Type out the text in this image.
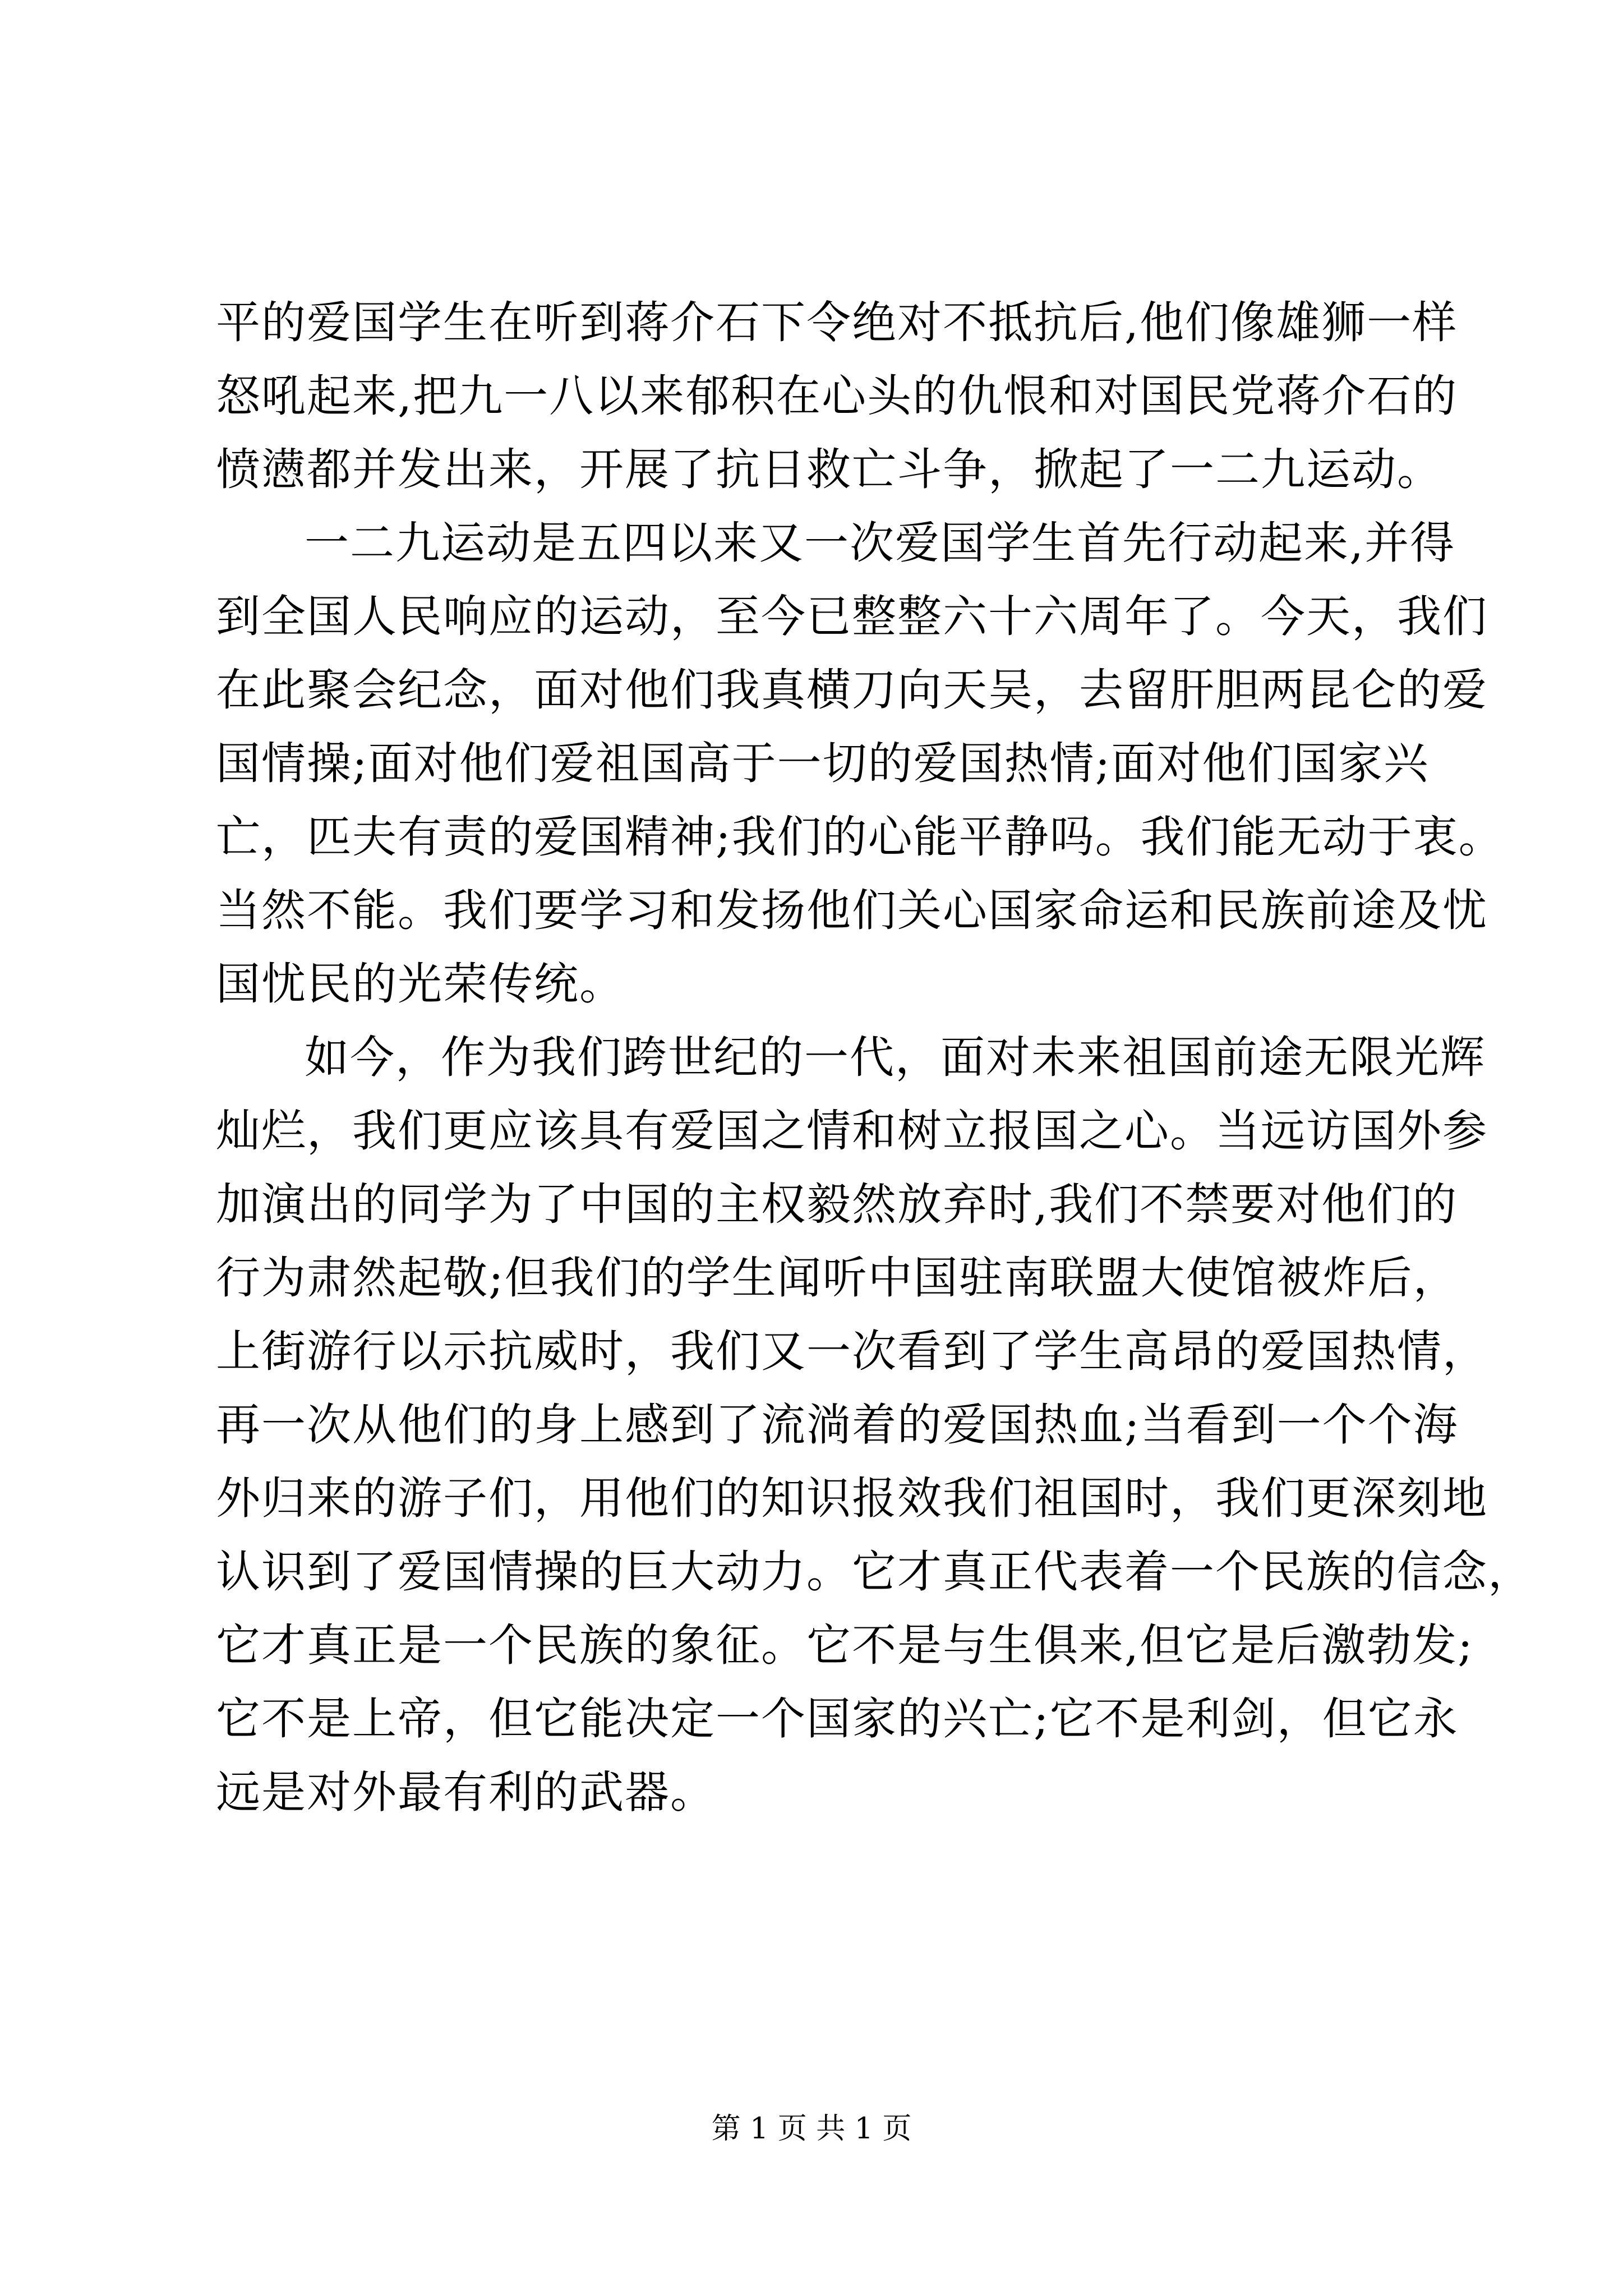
平的爱国学生在听到蒋介石下令绝对不抵抗后,他们像雄狮一样
怒吼起来,把九一八以来郁积在心头的仇恨和对国民党蒋介石的
愤懑都并发出来，开展了抗日救亡斗争，掀起了一二九运动。
一二九运动是五四以来又一次爱国学生首先行动起来,并得
到全国人民响应的运动，至今已整整六十六周年了。今天，我们
在此聚会纪念，面对他们我真横刀向天吴，去留肝胆两昆仑的爱
国情操;面对他们爱祖国高于一切的爱国热情;面对他们国家兴
亡，匹夫有责的爱国精神;我们的心能平静吗。我们能无动于衷。
当然不能。我们要学习和发扬他们关心国家命运和民族前途及忧
国忧民的光荣传统。
如今，作为我们跨世纪的一代，面对未来祖国前途无限光辉
灿烂，我们更应该具有爱国之情和树立报国之心。当远访国外参
加演出的同学为了中国的主权毅然放弃时,我们不禁要对他们的
行为肃然起敬;但我们的学生闻听中国驻南联盟大使馆被炸后，
上街游行以示抗威时，我们又一次看到了学生高昂的爱国热情，
再一次从他们的身上感到了流淌着的爱国热血;当看到一个个海
外归来的游子们，用他们的知识报效我们祖国时，我们更深刻地
认识到了爱国情操的巨大动力。它才真正代表着一个民族的信念，
它才真正是一个民族的象征。它不是与生俱来,但它是后激勃发;
它不是上帝，但它能决定一个国家的兴亡;它不是利剑，但它永
远是对外最有利的武器。
第 1 页 共 1 页
